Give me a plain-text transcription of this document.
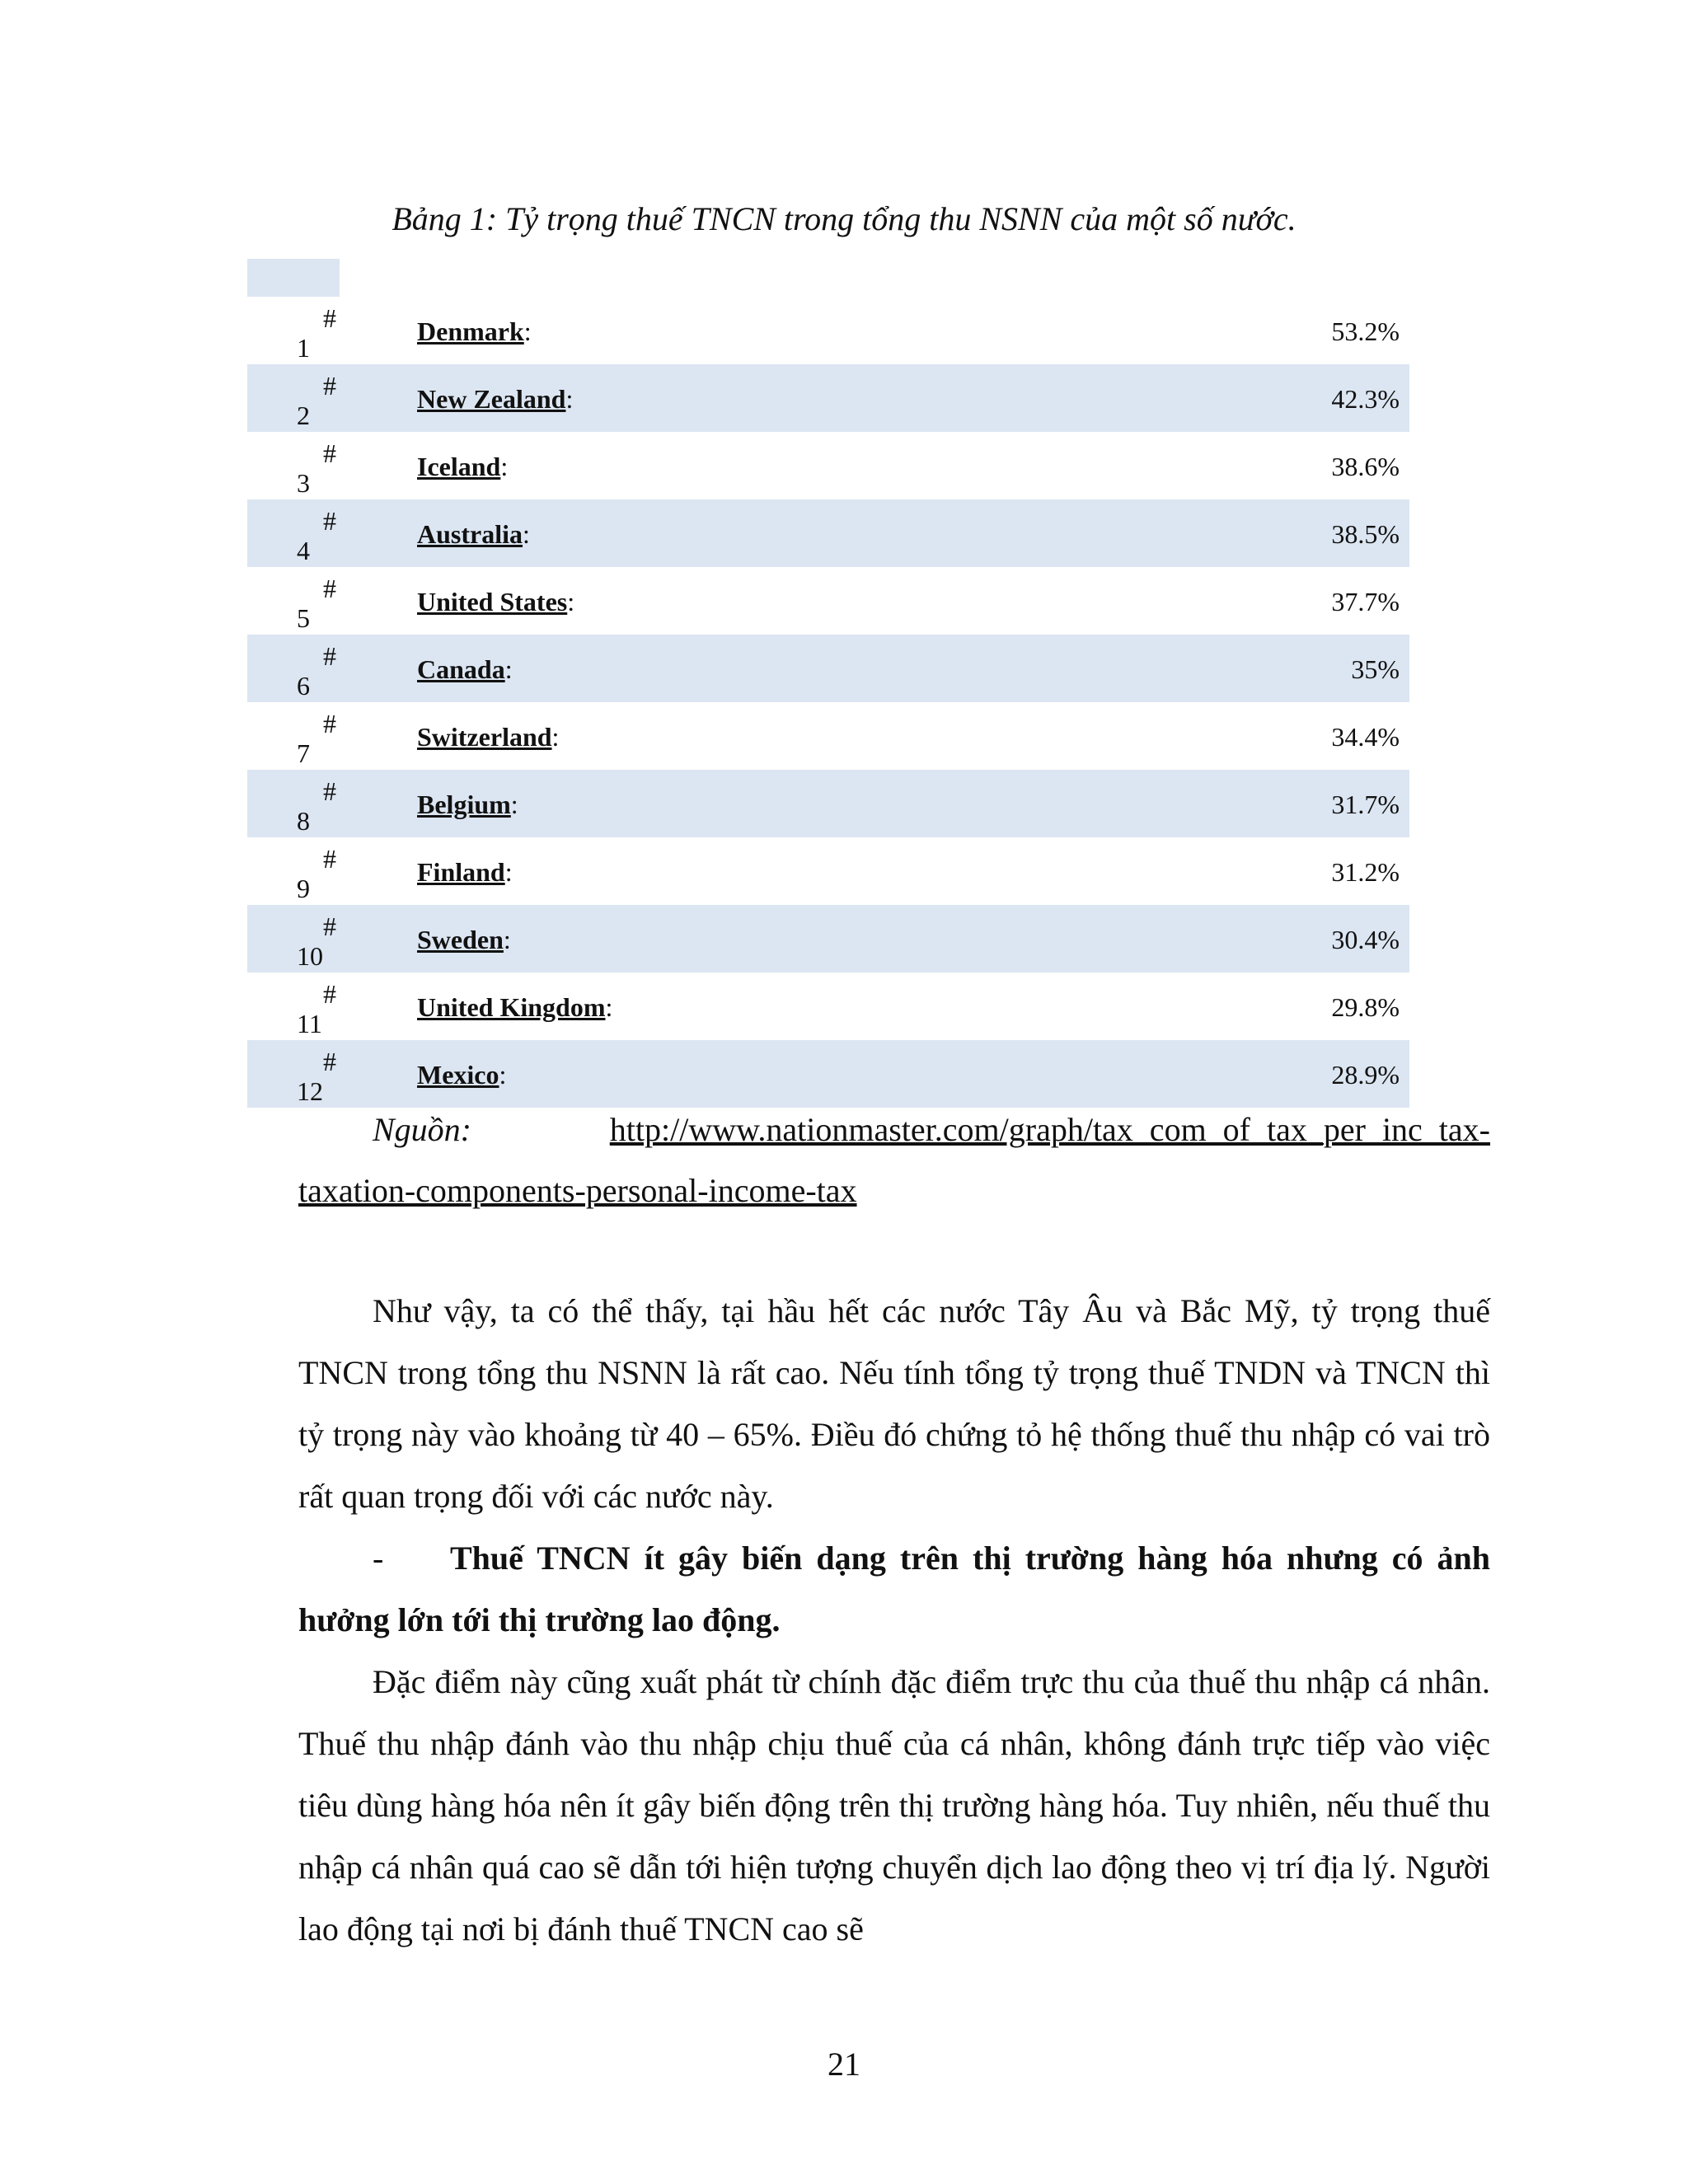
Bảng 1: Tỷ trọng thuế TNCN trong tổng thu NSNN của một số nước.
#
1
Denmark:	53.2%
#
2
New Zealand:	42.3%
#
3
Iceland:	38.6%
#
4
Australia:	38.5%
#
5
United States:	37.7%
#
6
Canada:	35%
#
7
Switzerland:	34.4%
#
8
Belgium:	31.7%
#
9
Finland:	31.2%
#
10
Sweden:	30.4%
#
11
United Kingdom:	29.8%
#
12
Mexico:	28.9%
Nguồn:	http://www.nationmaster.com/graph/tax_com_of_tax_per_inc_tax-
taxation-components-personal-income-tax
Như vậy, ta có thể thấy, tại hầu hết các nước Tây Âu và Bắc Mỹ, tỷ trọng thuế TNCN trong tổng thu NSNN là rất cao. Nếu tính tổng tỷ trọng thuế TNDN và TNCN thì tỷ trọng này vào khoảng từ 40 – 65%. Điều đó chứng tỏ hệ thống thuế thu nhập có vai trò rất quan trọng đối với các nước này.
- Thuế TNCN ít gây biến dạng trên thị trường hàng hóa nhưng có ảnh hưởng lớn tới thị trường lao động.
Đặc điểm này cũng xuất phát từ chính đặc điểm trực thu của thuế thu nhập cá nhân. Thuế thu nhập đánh vào thu nhập chịu thuế của cá nhân, không đánh trực tiếp vào việc tiêu dùng hàng hóa nên ít gây biến động trên thị trường hàng hóa. Tuy nhiên, nếu thuế thu nhập cá nhân quá cao sẽ dẫn tới hiện tượng chuyển dịch lao động theo vị trí địa lý. Người lao động tại nơi bị đánh thuế TNCN cao sẽ
21
